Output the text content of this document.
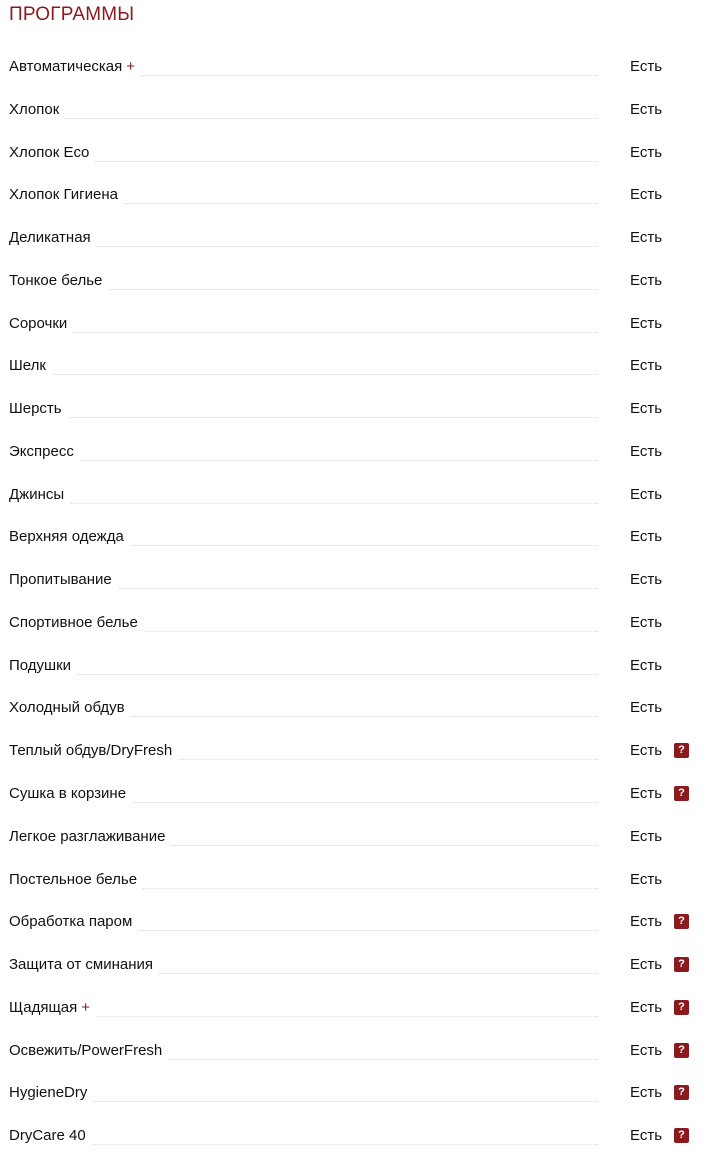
ПРОГРАММЫ
Автоматическая +	Есть
Хлопок	Есть
Хлопок Eco	Есть
Хлопок Гигиена	Есть
Деликатная	Есть
Тонкое белье	Есть
Сорочки	Есть
Шелк	Есть
Шерсть	Есть
Экспресс	Есть
Джинсы	Есть
Верхняя одежда	Есть
Пропитывание	Есть
Спортивное белье	Есть
Подушки	Есть
Холодный обдув	Есть
Теплый обдув/DryFresh	Есть	?
Сушка в корзине	Есть	?
Легкое разглаживание	Есть
Постельное белье	Есть
Обработка паром	Есть	?
Защита от сминания	Есть	?
Щадящая +	Есть	?
Освежить/PowerFresh	Есть	?
HygieneDry	Есть	?
DryCare 40	Есть	?
